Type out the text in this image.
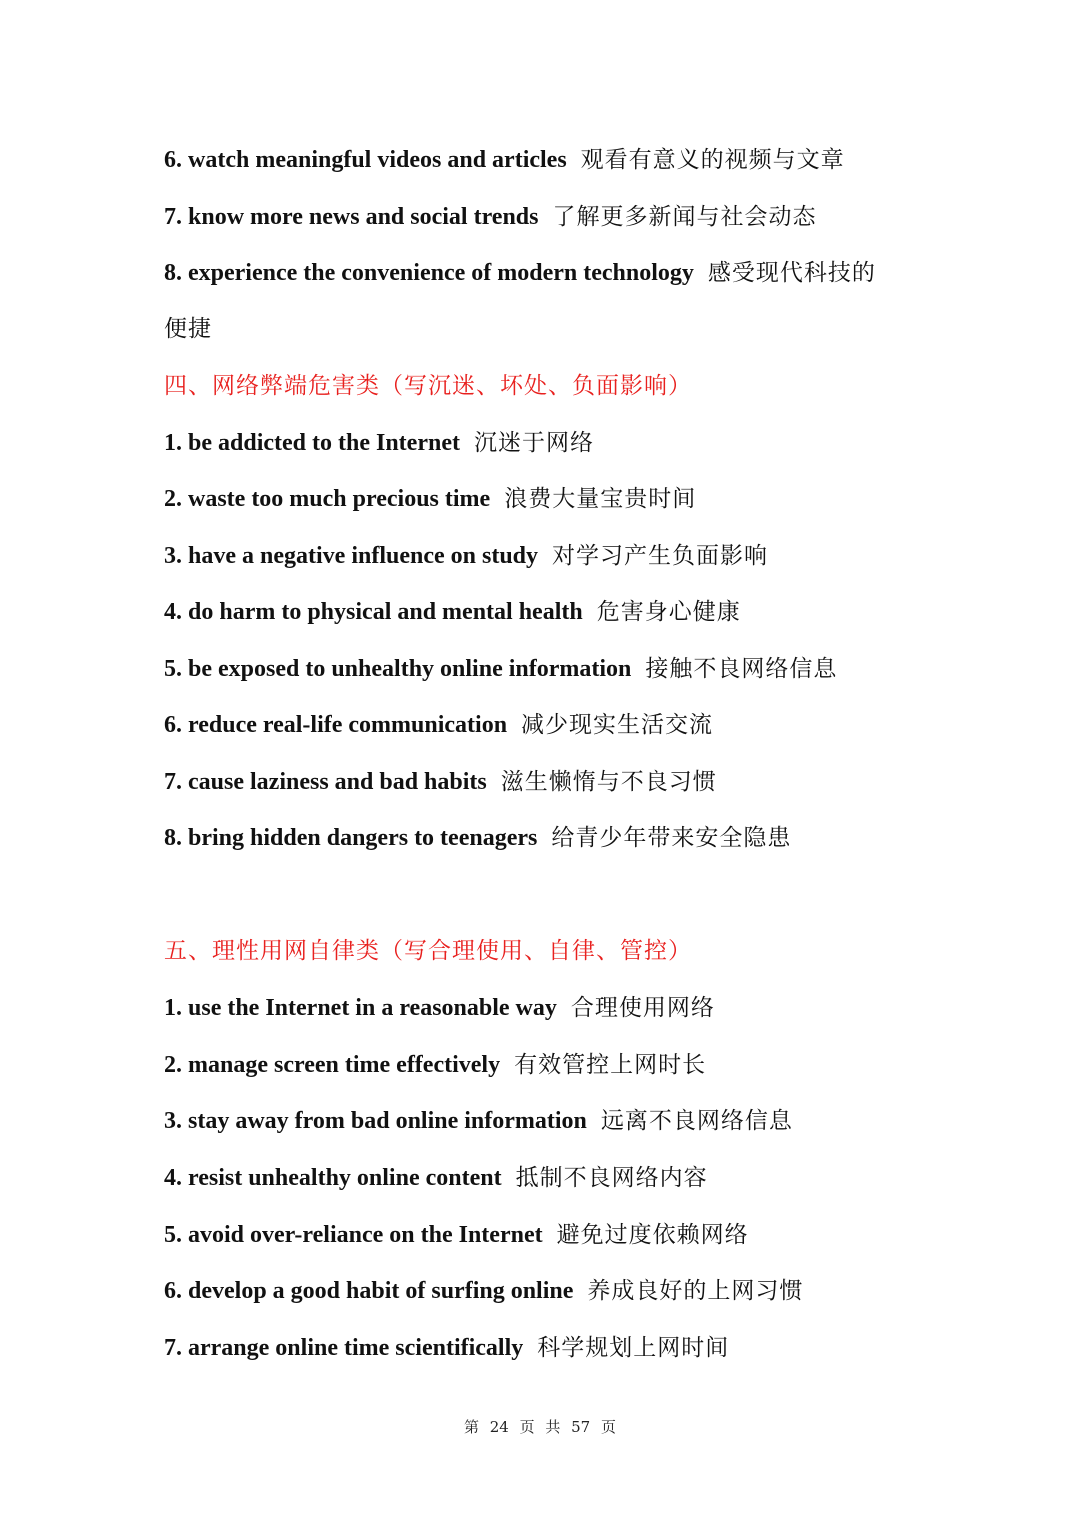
6. watch meaningful videos and articles 观看有意义的视频与文章
7. know more news and social trends 了解更多新闻与社会动态
8. experience the convenience of modern technology 感受现代科技的
便捷
四、网络弊端危害类（写沉迷、坏处、负面影响）
1. be addicted to the Internet 沉迷于网络
2. waste too much precious time 浪费大量宝贵时间
3. have a negative influence on study 对学习产生负面影响
4. do harm to physical and mental health 危害身心健康
5. be exposed to unhealthy online information 接触不良网络信息
6. reduce real-life communication 减少现实生活交流
7. cause laziness and bad habits 滋生懒惰与不良习惯
8. bring hidden dangers to teenagers 给青少年带来安全隐患
五、理性用网自律类（写合理使用、自律、管控）
1. use the Internet in a reasonable way 合理使用网络
2. manage screen time effectively 有效管控上网时长
3. stay away from bad online information 远离不良网络信息
4. resist unhealthy online content 抵制不良网络内容
5. avoid over-reliance on the Internet 避免过度依赖网络
6. develop a good habit of surfing online 养成良好的上网习惯
7. arrange online time scientifically 科学规划上网时间
第 24 页 共 57 页
